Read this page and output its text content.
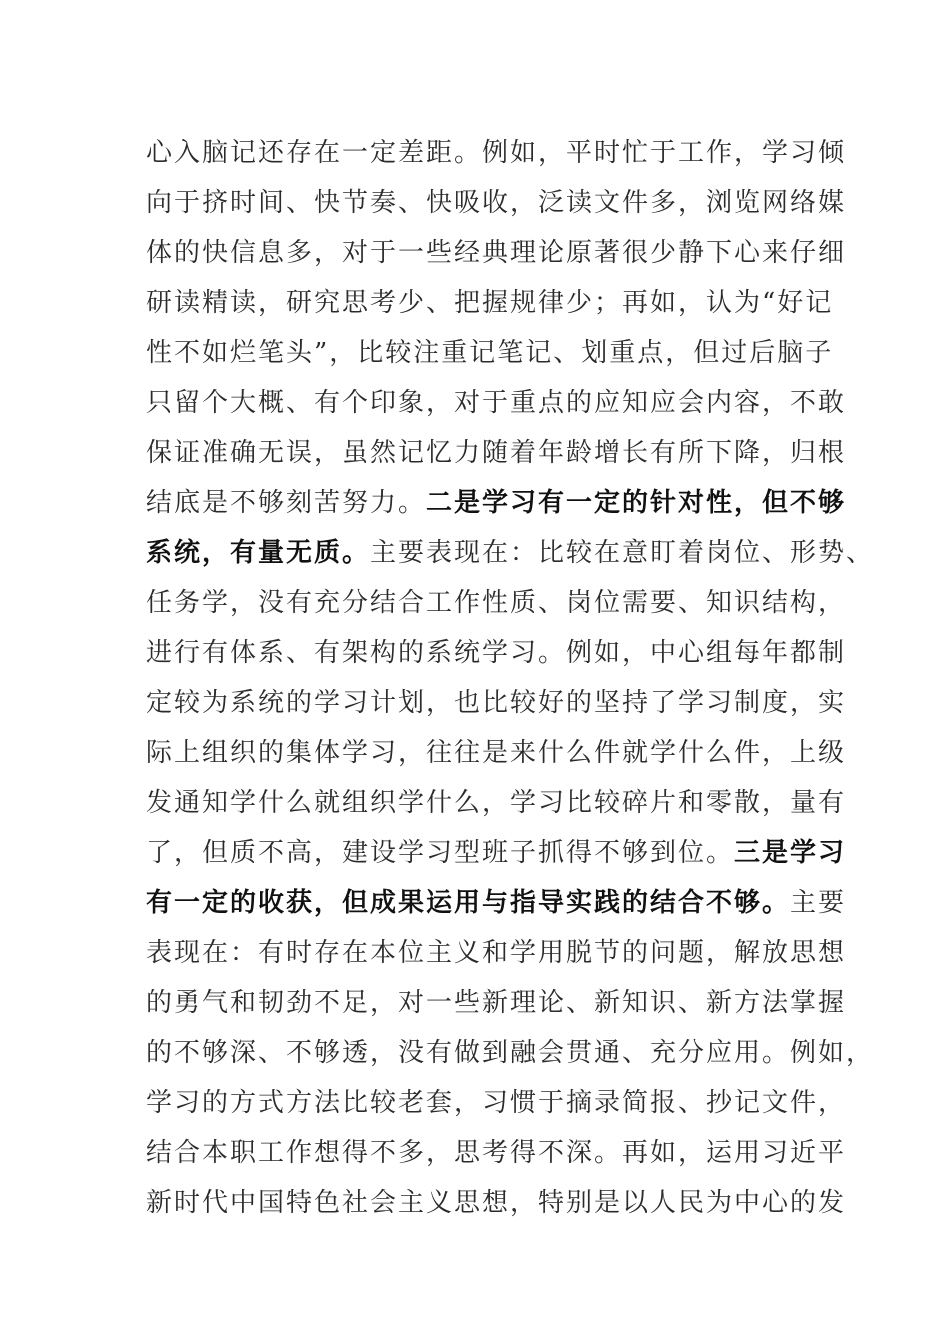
心入脑记还存在一定差距。例如，平时忙于工作，学习倾
向于挤时间、快节奏、快吸收，泛读文件多，浏览网络媒
体的快信息多，对于一些经典理论原著很少静下心来仔细
研读精读，研究思考少、把握规律少；再如，认为“好记
性不如烂笔头”，比较注重记笔记、划重点，但过后脑子
只留个大概、有个印象，对于重点的应知应会内容，不敢
保证准确无误，虽然记忆力随着年龄增长有所下降，归根
结底是不够刻苦努力。二是学习有一定的针对性，但不够
系统，有量无质。主要表现在：比较在意盯着岗位、形势、
任务学，没有充分结合工作性质、岗位需要、知识结构，
进行有体系、有架构的系统学习。例如，中心组每年都制
定较为系统的学习计划，也比较好的坚持了学习制度，实
际上组织的集体学习，往往是来什么件就学什么件，上级
发通知学什么就组织学什么，学习比较碎片和零散，量有
了，但质不高，建设学习型班子抓得不够到位。三是学习
有一定的收获，但成果运用与指导实践的结合不够。主要
表现在：有时存在本位主义和学用脱节的问题，解放思想
的勇气和韧劲不足，对一些新理论、新知识、新方法掌握
的不够深、不够透，没有做到融会贯通、充分应用。例如，
学习的方式方法比较老套，习惯于摘录简报、抄记文件，
结合本职工作想得不多，思考得不深。再如，运用习近平
新时代中国特色社会主义思想，特别是以人民为中心的发
